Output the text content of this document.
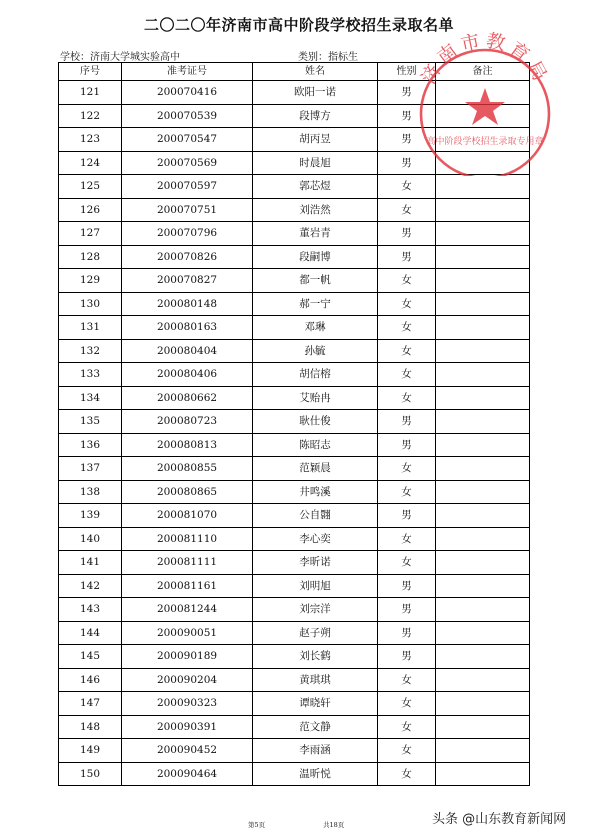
二〇二〇年济南市高中阶段学校招生录取名单
学校：济南大学城实验高中	类别：指标生
序号	准考证号	姓名	性别	备注
121	200070416	欧阳一诺	男	
122	200070539	段博方	男	
123	200070547	胡丙昱	男	
124	200070569	时晨旭	男	
125	200070597	郭芯煜	女	
126	200070751	刘浩然	女	
127	200070796	董岩青	男	
128	200070826	段嗣博	男	
129	200070827	都一帆	女	
130	200080148	郝一宁	女	
131	200080163	邓琳	女	
132	200080404	孙毓	女	
133	200080406	胡信榕	女	
134	200080662	艾贻冉	女	
135	200080723	耿仕俊	男	
136	200080813	陈昭志	男	
137	200080855	范颖晨	女	
138	200080865	井鸣溪	女	
139	200081070	公自翾	男	
140	200081110	李心奕	女	
141	200081111	李昕诺	女	
142	200081161	刘明旭	男	
143	200081244	刘宗洋	男	
144	200090051	赵子朔	男	
145	200090189	刘长鹤	男	
146	200090204	黄琪琪	女	
147	200090323	谭晓轩	女	
148	200090391	范文静	女	
149	200090452	李雨涵	女	
150	200090464	温昕悦	女	
济南市教育局
高中阶段学校招生录取专用章
第5页	共18页	头条 @山东教育新闻网
